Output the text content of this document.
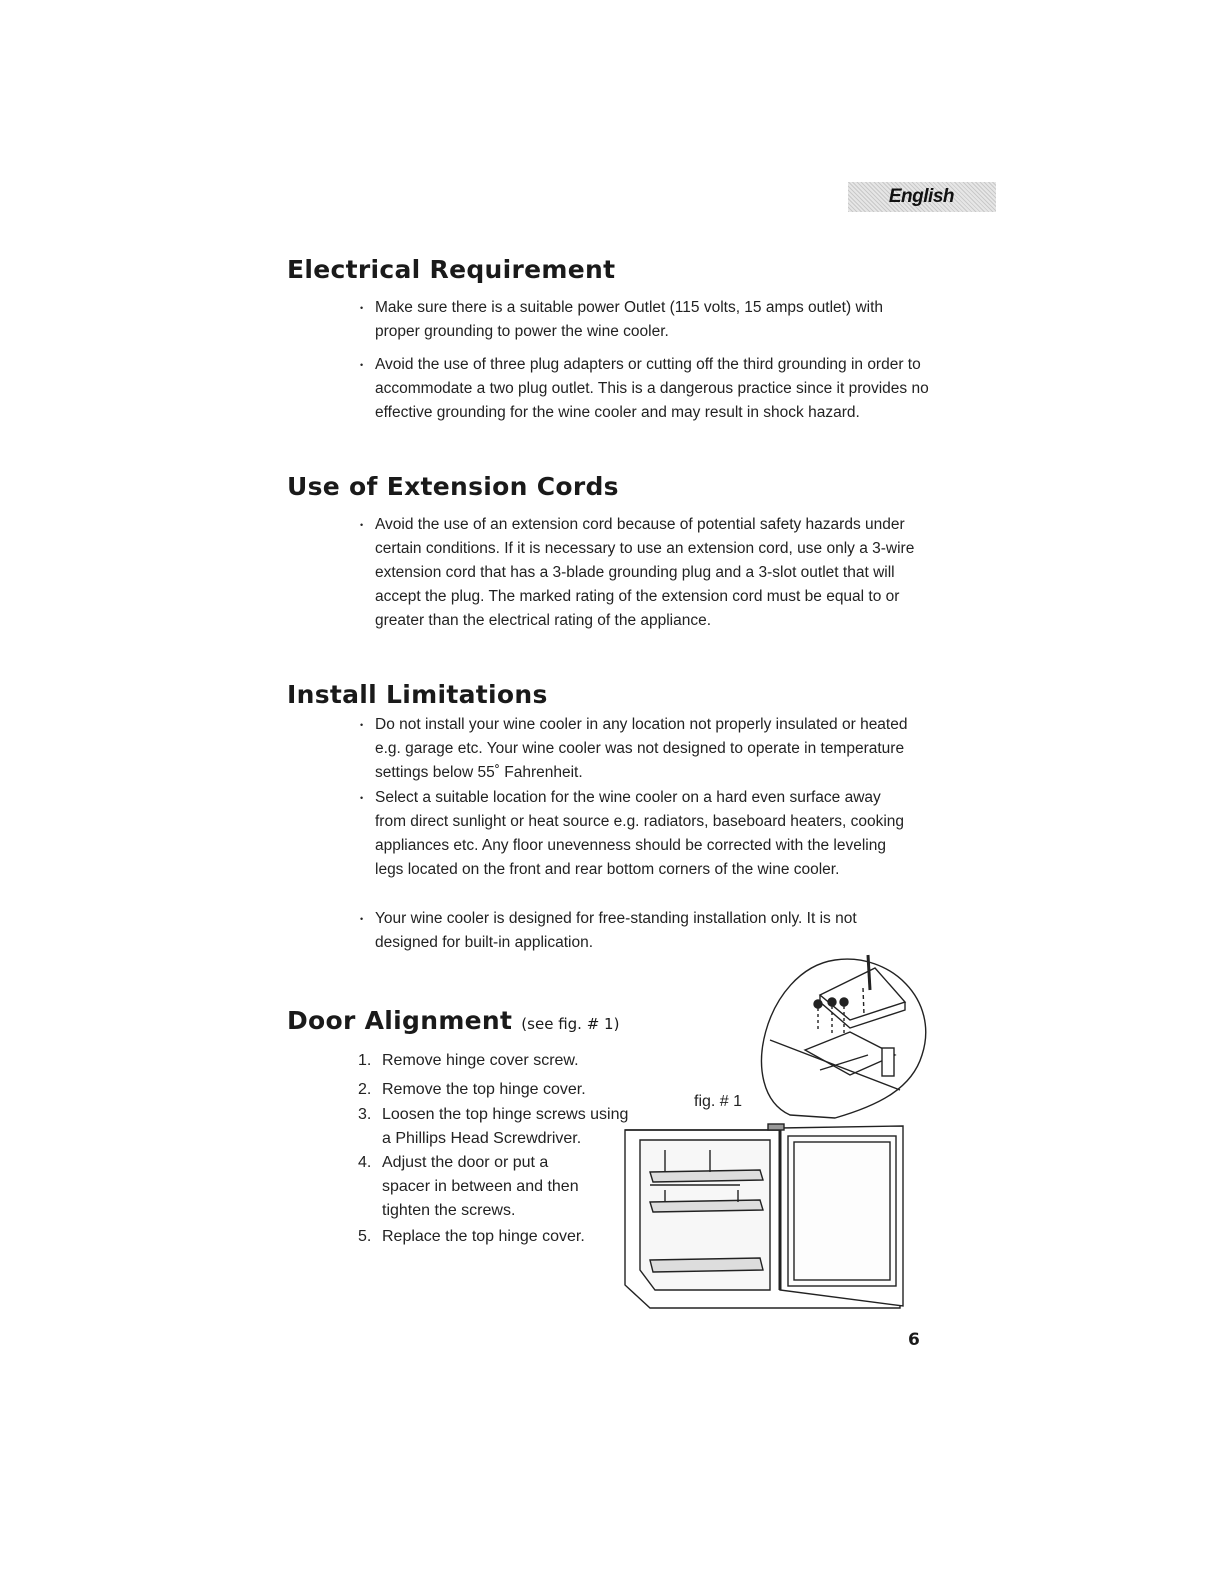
English
Electrical Requirement

• Make sure there is a suitable power Outlet (115 volts, 15 amps outlet) with proper grounding to power the wine cooler.

• Avoid the use of three plug adapters or cutting off the third grounding in order to accommodate a two plug outlet. This is a dangerous practice since it provides no effective grounding for the wine cooler and may result in shock hazard.

Use of Extension Cords

• Avoid the use of an extension cord because of potential safety hazards under certain conditions. If it is necessary to use an extension cord, use only a 3-wire extension cord that has a 3-blade grounding plug and a 3-slot outlet that will accept the plug. The marked rating of the extension cord must be equal to or greater than the electrical rating of the appliance.

Install Limitations

• Do not install your wine cooler in any location not properly insulated or heated e.g. garage etc. Your wine cooler was not designed to operate in temperature settings below 55˚ Fahrenheit.

• Select a suitable location for the wine cooler on a hard even surface away from direct sunlight or heat source e.g. radiators, baseboard heaters, cooking appliances etc. Any floor unevenness should be corrected with the leveling legs located on the front and rear bottom corners of the wine cooler.

• Your wine cooler is designed for free-standing installation only. It is not designed for built-in application.

Door Alignment (see fig. # 1)
1. Remove hinge cover screw.
2. Remove the top hinge cover.
3. Loosen the top hinge screws using
a Phillips Head Screwdriver.
4. Adjust the door or put a
spacer in between and then tighten the screws.
5. Replace the top hinge cover.
fig. # 1
6
